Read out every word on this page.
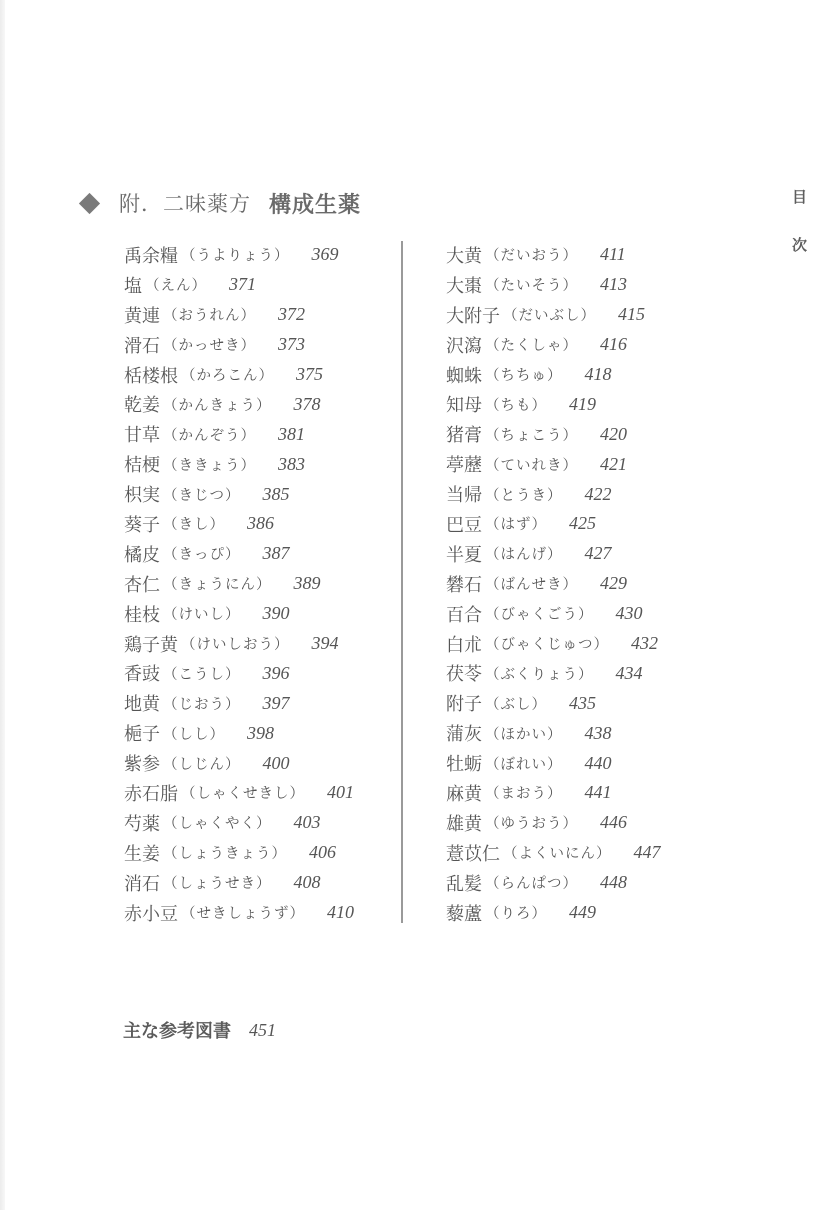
附．二味薬方 構成生薬	目
次
禹余糧 （うよりょう） 369
塩 （えん） 371
黄連 （おうれん） 372
滑石 （かっせき） 373
栝楼根 （かろこん） 375
乾姜 （かんきょう） 378
甘草 （かんぞう） 381
桔梗 （ききょう） 383
枳実 （きじつ） 385
葵子 （きし） 386
橘皮 （きっぴ） 387
杏仁 （きょうにん） 389
桂枝 （けいし） 390
鶏子黄 （けいしおう） 394
香豉 （こうし） 396
地黄 （じおう） 397
梔子 （しし） 398
紫参 （しじん） 400
赤石脂 （しゃくせきし） 401
芍薬 （しゃくやく） 403
生姜 （しょうきょう） 406
消石 （しょうせき） 408
赤小豆 （せきしょうず） 410
大黄 （だいおう） 411
大棗 （たいそう） 413
大附子 （だいぶし） 415
沢瀉 （たくしゃ） 416
蜘蛛 （ちちゅ） 418
知母 （ちも） 419
猪膏 （ちょこう） 420
葶藶 （ていれき） 421
当帰 （とうき） 422
巴豆 （はず） 425
半夏 （はんげ） 427
礬石 （ばんせき） 429
百合 （びゃくごう） 430
白朮 （びゃくじゅつ） 432
茯苓 （ぶくりょう） 434
附子 （ぶし） 435
蒲灰 （ほかい） 438
牡蛎 （ぼれい） 440
麻黄 （まおう） 441
雄黄 （ゆうおう） 446
薏苡仁 （よくいにん） 447
乱髪 （らんぱつ） 448
藜蘆 （りろ） 449
主な参考図書 451
